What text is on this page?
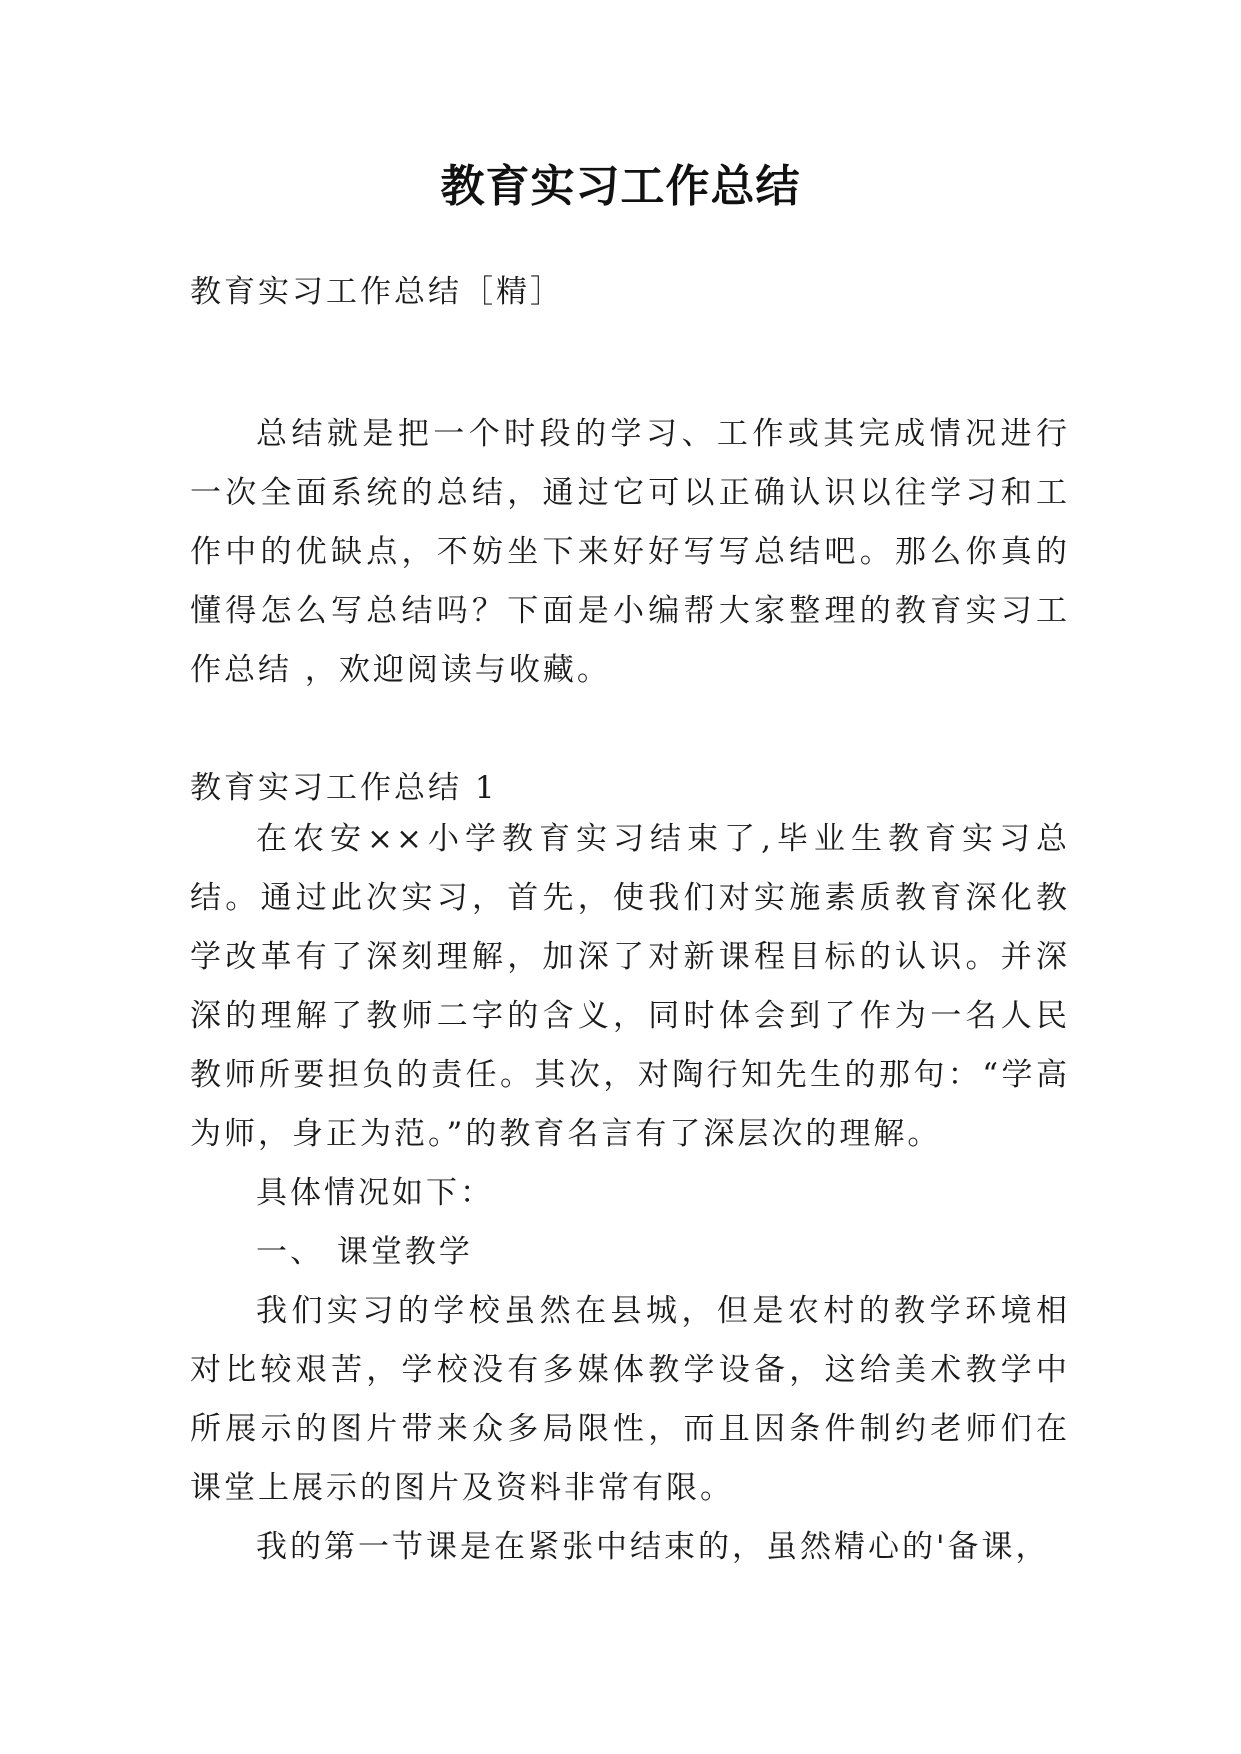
教育实习工作总结
教育实习工作总结［精］

总结就是把一个时段的学习、工作或其完成情况进行一次全面系统的总结，通过它可以正确认识以往学习和工作中的优缺点，不妨坐下来好好写写总结吧。那么你真的懂得怎么写总结吗？下面是小编帮大家整理的教育实习工作总结 ，欢迎阅读与收藏。

教育实习工作总结 1

在农安××小学教育实习结束了,毕业生教育实习总结。通过此次实习，首先，使我们对实施素质教育深化教学改革有了深刻理解，加深了对新课程目标的认识。并深深的理解了教师二字的含义，同时体会到了作为一名人民教师所要担负的责任。其次，对陶行知先生的那句：“学高为师，身正为范。”的教育名言有了深层次的理解。

具体情况如下：

一、 课堂教学

我们实习的学校虽然在县城，但是农村的教学环境相对比较艰苦，学校没有多媒体教学设备，这给美术教学中所展示的图片带来众多局限性，而且因条件制约老师们在课堂上展示的图片及资料非常有限。

我的第一节课是在紧张中结束的，虽然精心的'备课，
